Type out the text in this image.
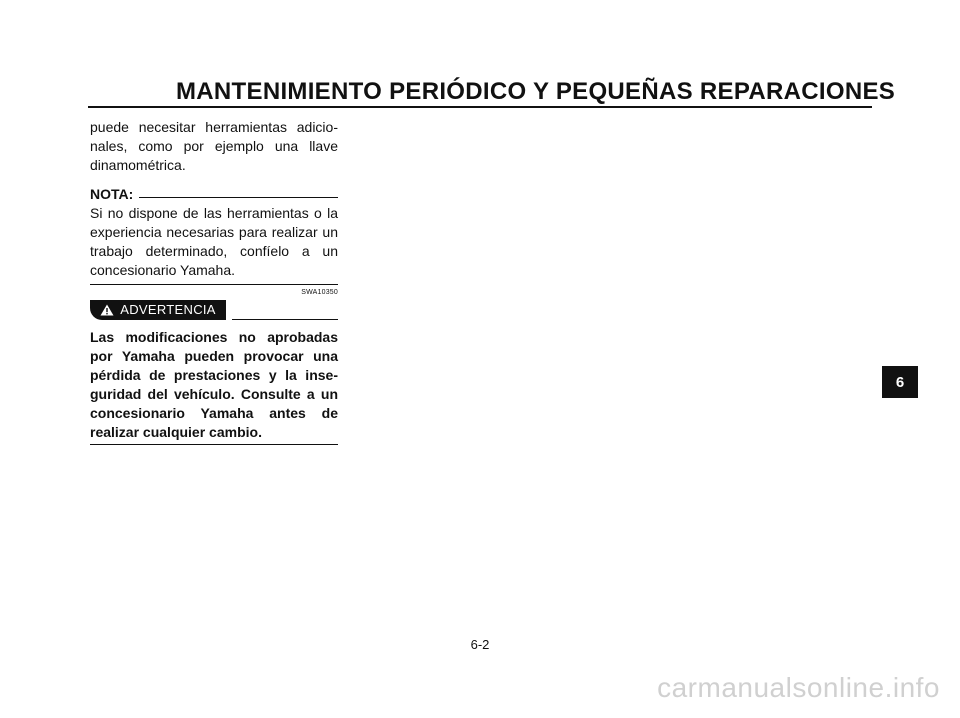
MANTENIMIENTO PERIÓDICO Y PEQUEÑAS REPARACIONES

puede necesitar herramientas adicio- nales, como por ejemplo una llave dinamométrica.

NOTA:

Si no dispone de las herramientas o la experiencia necesarias para realizar un trabajo determinado, confíelo a un concesionario Yamaha.

SWA10350
ADVERTENCIA

Las modificaciones no aprobadas por Yamaha pueden provocar una pérdida de prestaciones y la inse- guridad del vehículo. Consulte a un concesionario Yamaha antes de realizar cualquier cambio.

6
6-2
carmanualsonline.info
